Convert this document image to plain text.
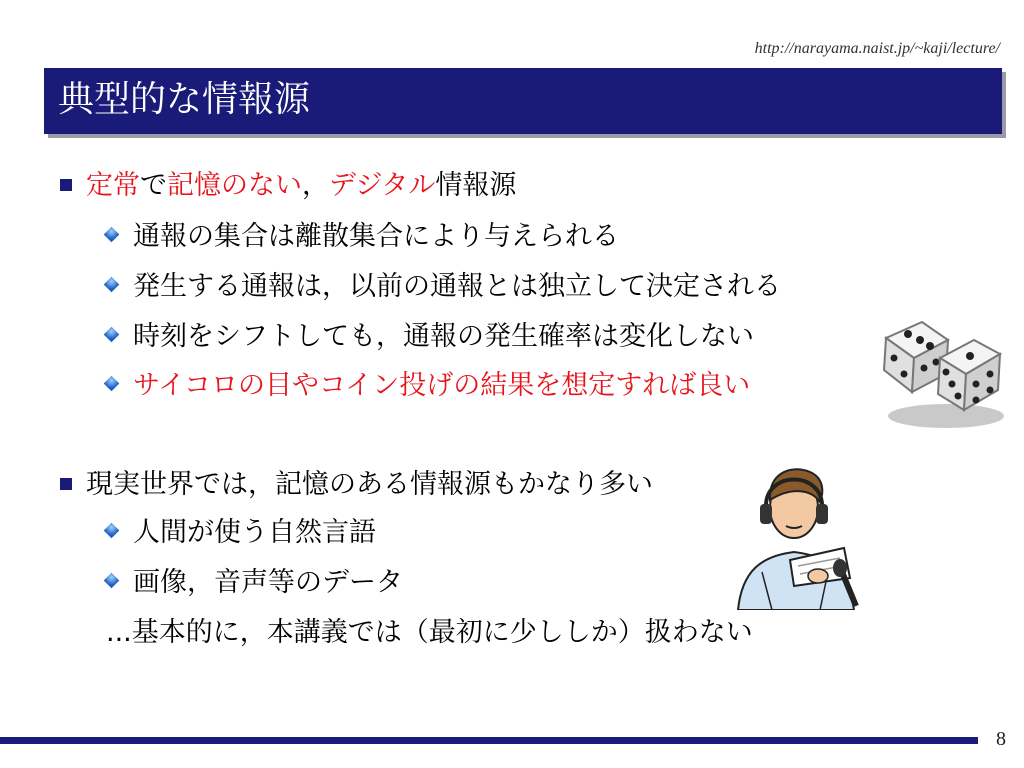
http://narayama.naist.jp/~kaji/lecture/
典型的な情報源
定常で記憶のない，デジタル情報源
通報の集合は離散集合により与えられる
発生する通報は，以前の通報とは独立して決定される
時刻をシフトしても，通報の発生確率は変化しない
サイコロの目やコイン投げの結果を想定すれば良い
現実世界では，記憶のある情報源もかなり多い
人間が使う自然言語
画像，音声等のデータ
...基本的に，本講義では（最初に少ししか）扱わない
8
